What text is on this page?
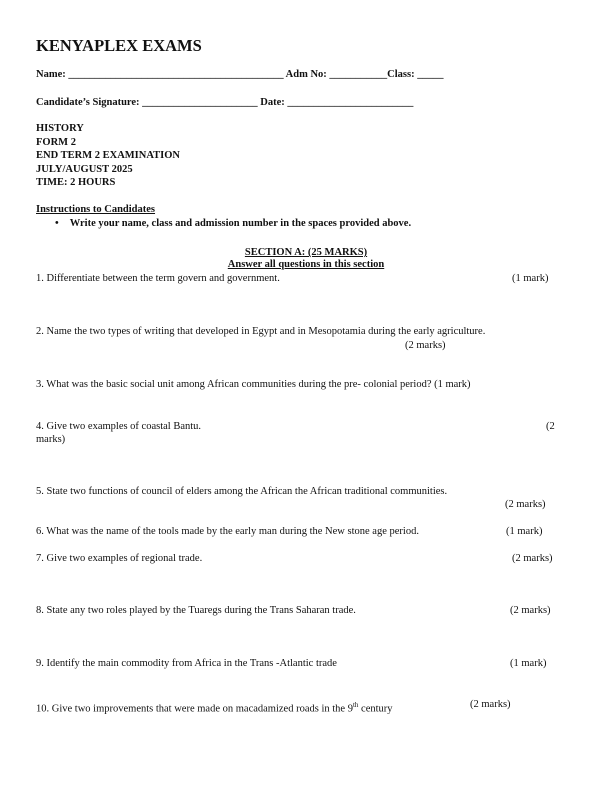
KENYAPLEX EXAMS
Name: _________________________________________ Adm No: ___________Class: _____
Candidate’s Signature: ______________________ Date: ________________________
HISTORY
FORM 2
END TERM 2 EXAMINATION
JULY/AUGUST 2025
TIME: 2 HOURS
Instructions to Candidates
• Write your name, class and admission number in the spaces provided above.
SECTION A: (25 MARKS)
Answer all questions in this section
1. Differentiate between the term govern and government.	(1 mark)
2. Name the two types of writing that developed in Egypt and in Mesopotamia during the early agriculture.
(2 marks)
3. What was the basic social unit among African communities during the pre- colonial period? (1 mark)
4. Give two examples of coastal Bantu.	(2
marks)
5. State two functions of council of elders among the African the African traditional communities.
(2 marks)
6. What was the name of the tools made by the early man during the New stone age period.	(1 mark)
7. Give two examples of regional trade.	(2 marks)
8. State any two roles played by the Tuaregs during the Trans Saharan trade.	(2 marks)
9. Identify the main commodity from Africa in the Trans -Atlantic trade	(1 mark)
10. Give two improvements that were made on macadamized roads in the 9th century	(2 marks)
